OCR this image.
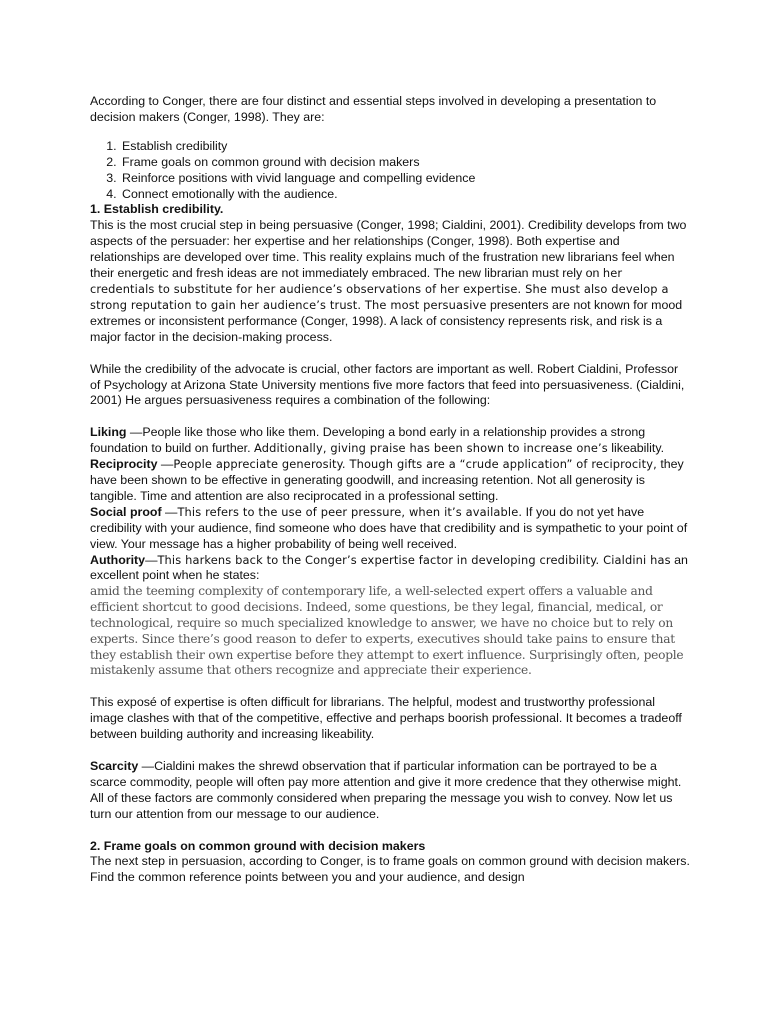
According to Conger, there are four distinct and essential steps involved in developing a presentation to decision makers (Conger, 1998). They are:

1. Establish credibility
2. Frame goals on common ground with decision makers
3. Reinforce positions with vivid language and compelling evidence
4. Connect emotionally with the audience.

1. Establish credibility.

This is the most crucial step in being persuasive (Conger, 1998; Cialdini, 2001). Credibility develops from two aspects of the persuader: her expertise and her relationships (Conger, 1998). Both expertise and relationships are developed over time. This reality explains much of the frustration new librarians feel when their energetic and fresh ideas are not immediately embraced. The new librarian must rely on her credentials to substitute for her audience’s observations of her expertise. She must also develop a strong reputation to gain her audience’s trust. The most persuasive presenters are not known for mood extremes or inconsistent performance (Conger, 1998). A lack of consistency represents risk, and risk is a major factor in the decision-making process.

While the credibility of the advocate is crucial, other factors are important as well. Robert Cialdini, Professor of Psychology at Arizona State University mentions five more factors that feed into persuasiveness. (Cialdini, 2001) He argues persuasiveness requires a combination of the following:

Liking —People like those who like them. Developing a bond early in a relationship provides a strong foundation to build on further. Additionally, giving praise has been shown to increase one’s likeability.

Reciprocity —People appreciate generosity. Though gifts are a “crude application” of reciprocity, they have been shown to be effective in generating goodwill, and increasing retention. Not all generosity is tangible. Time and attention are also reciprocated in a professional setting.

Social proof —This refers to the use of peer pressure, when it’s available. If you do not yet have credibility with your audience, find someone who does have that credibility and is sympathetic to your point of view. Your message has a higher probability of being well received.

Authority—This harkens back to the Conger’s expertise factor in developing credibility. Cialdini has an excellent point when he states:

amid the teeming complexity of contemporary life, a well-selected expert offers a valuable and efficient shortcut to good decisions. Indeed, some questions, be they legal, financial, medical, or technological, require so much specialized knowledge to answer, we have no choice but to rely on experts. Since there’s good reason to defer to experts, executives should take pains to ensure that they establish their own expertise before they attempt to exert influence. Surprisingly often, people mistakenly assume that others recognize and appreciate their experience.

This exposé of expertise is often difficult for librarians. The helpful, modest and trustworthy professional image clashes with that of the competitive, effective and perhaps boorish professional. It becomes a tradeoff between building authority and increasing likeability.

Scarcity —Cialdini makes the shrewd observation that if particular information can be portrayed to be a scarce commodity, people will often pay more attention and give it more credence that they otherwise might.

All of these factors are commonly considered when preparing the message you wish to convey. Now let us turn our attention from our message to our audience.

2. Frame goals on common ground with decision makers

The next step in persuasion, according to Conger, is to frame goals on common ground with decision makers. Find the common reference points between you and your audience, and design
